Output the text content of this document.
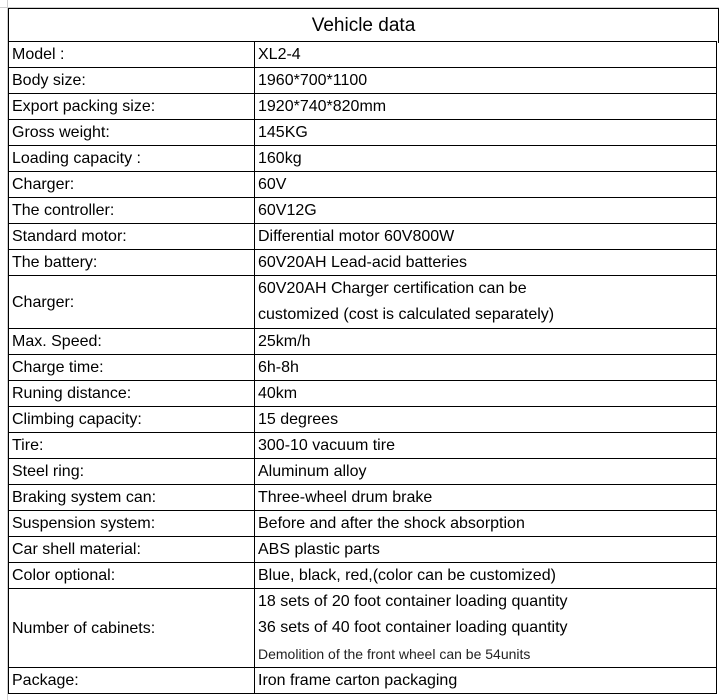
Vehicle data
Model :	XL2-4
Body size:	1960*700*1100
Export packing size:	1920*740*820mm
Gross weight:	145KG
Loading capacity :	160kg
Charger:	60V
The controller:	60V12G
Standard motor:	Differential motor 60V800W
The battery:	60V20AH Lead-acid batteries
Charger:	60V20AH Charger certification can be
customized (cost is calculated separately)

Max. Speed:	25km/h
Charge time:	6h-8h
Runing distance:	40km
Climbing capacity:	15 degrees
Tire:	300-10 vacuum tire
Steel ring:	Aluminum alloy
Braking system can:	Three-wheel drum brake
Suspension system:	Before and after the shock absorption
Car shell material:	ABS plastic parts
Color optional:	Blue, black, red,(color can be customized)
Number of cabinets:	18 sets of 20 foot container loading quantity
36 sets of 40 foot container loading quantity
Demolition of the front wheel can be 54units

Package:	Iron frame carton packaging
